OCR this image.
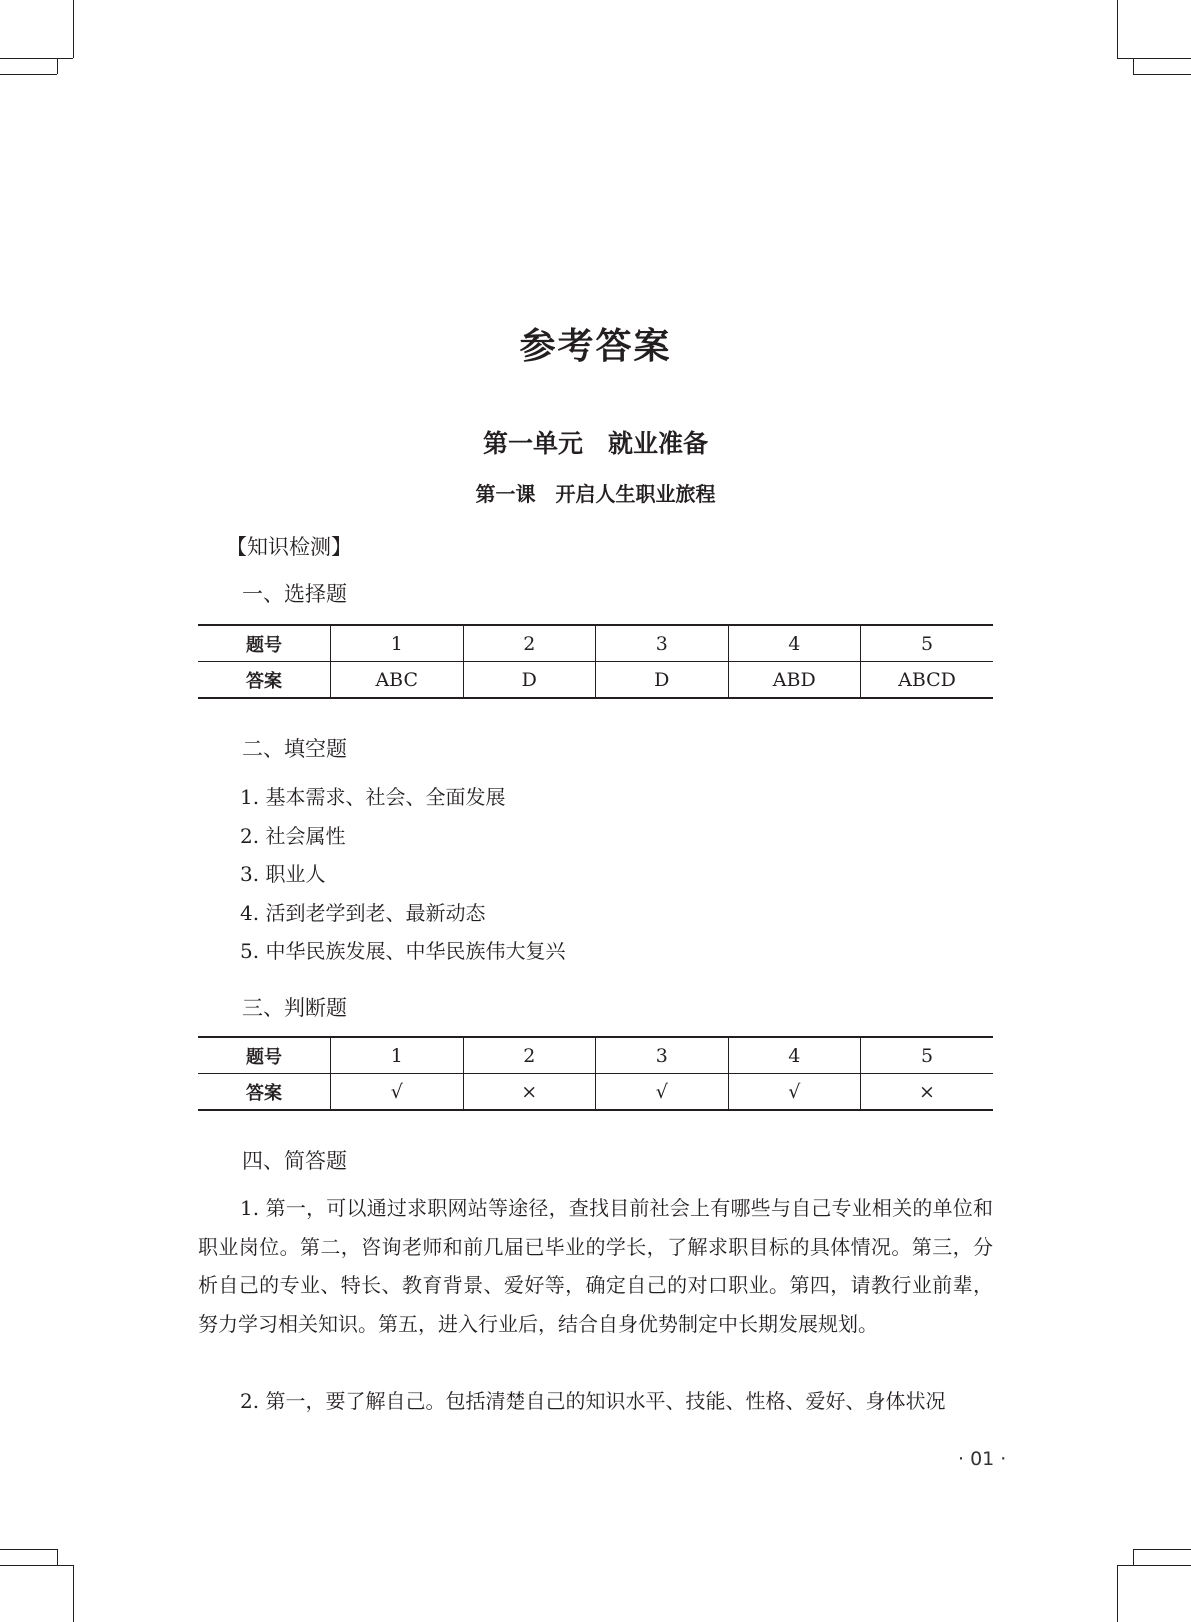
参考答案
第一单元　就业准备
第一课　开启人生职业旅程
【知识检测】
一、选择题
题号	1	2	3	4	5
答案	ABC	D	D	ABD	ABCD
二、填空题
1. 基本需求、社会、全面发展
2. 社会属性
3. 职业人
4. 活到老学到老、最新动态
5. 中华民族发展、中华民族伟大复兴
三、判断题
题号	1	2	3	4	5
答案	√	×	√	√	×
四、简答题

1. 第一，可以通过求职网站等途径，查找目前社会上有哪些与自己专业相关的单位和职业岗位。第二，咨询老师和前几届已毕业的学长，了解求职目标的具体情况。第三，分析自己的专业、特长、教育背景、爱好等，确定自己的对口职业。第四，请教行业前辈，努力学习相关知识。第五，进入行业后，结合自身优势制定中长期发展规划。

2. 第一，要了解自己。包括清楚自己的知识水平、技能、性格、爱好、身体状况

· 01 ·
